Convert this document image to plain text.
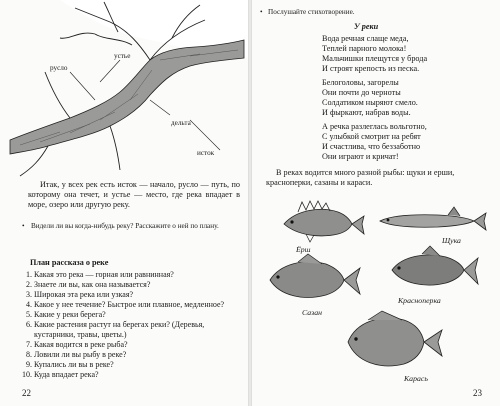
устье
русло
дельта
исток
Итак, у всех рек есть исток — начало, русло — путь, по которому она течет, и устье — место, где река впадает в море, озеро или другую реку.
• Видели ли вы когда-нибудь реку? Расскажите о ней по плану.
План рассказа о реке
1. Какая это река — горная или равнинная?
2. Знаете ли вы, как она называется?
3. Широкая эта река или узкая?
4. Какое у нее течение? Быстрое или плавное, медленное?
5. Какие у реки берега?
6. Какие растения растут на берегах реки? (Деревья, кустарники, травы, цветы.)
7. Какая водится в реке рыба?
8. Ловили ли вы рыбу в реке?
9. Купались ли вы в реке?
10. Куда впадает река?
22
• Послушайте стихотворение.
У реки
Вода речная слаще меда,
Теплей парного молока!
Мальчишки плещутся у брода
И строят крепость из песка.
Белоголовы, загорелы
Они почти до черноты
Солдатиком ныряют смело.
И фыркают, набрав воды.
А речка разлеглась вольготно,
С улыбкой смотрит на ребят
И счастлива, что беззаботно
Они играют и кричат!
В реках водится много разной рыбы: щуки и ерши, красноперки, сазаны и караси.
Ёрш
Щука
Сазан
Красноперка
Карась
23
